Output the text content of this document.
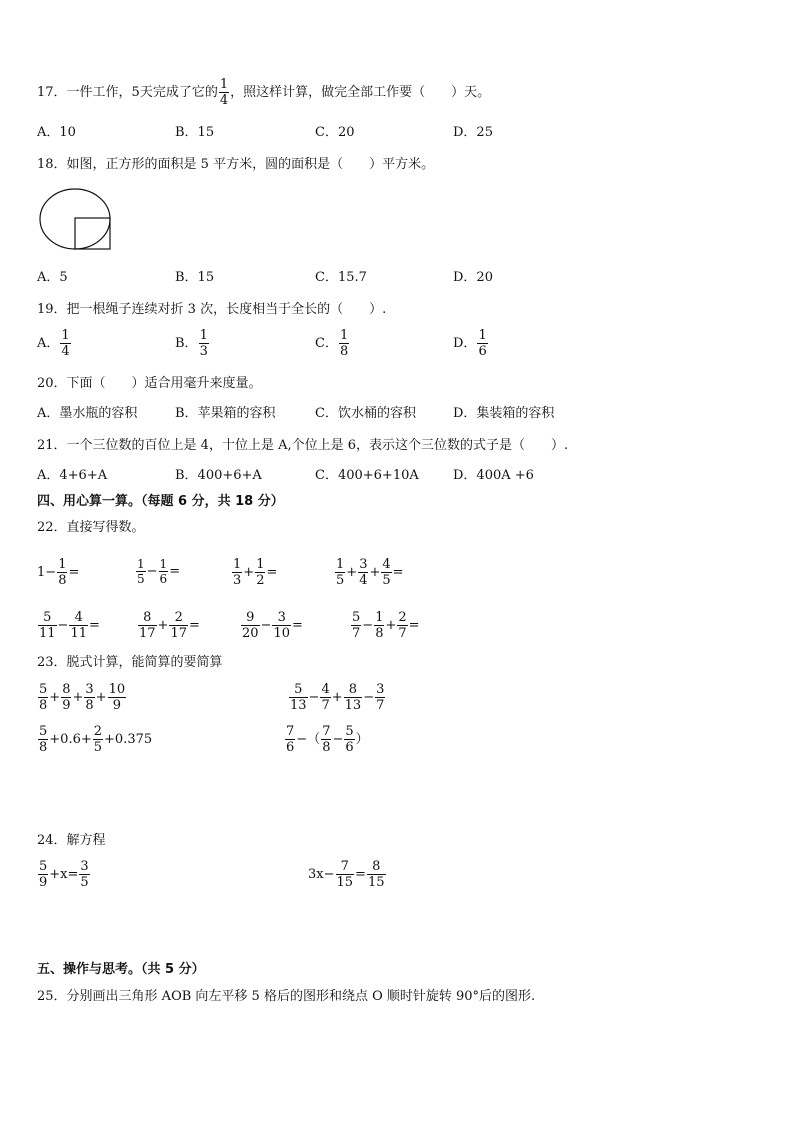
17．一件工作，5天完成了它的 $\frac{1}{4}$ ，照这样计算，做完全部工作要（　　）天。
A．10	B．15	C．20	D．25
18．如图，正方形的面积是 5 平方米，圆的面积是（　　）平方米。
A．5	B．15	C．15.7	D．20
19．把一根绳子连续对折 3 次，长度相当于全长的（　　）.
A． $\frac{1}{4}$	B． $\frac{1}{3}$	C． $\frac{1}{8}$	D． $\frac{1}{6}$
20．下面（　　）适合用毫升来度量。
A．墨水瓶的容积	B．苹果箱的容积	C．饮水桶的容积	D．集装箱的容积
21．一个三位数的百位上是 4，十位上是 A,个位上是 6，表示这个三位数的式子是（　　）.
A．4+6+A	B．400+6+A	C．400+6+10A	D．400A +6
四、用心算一算。（每题 6 分，共 18 分）
22．直接写得数。
$1- \frac{1}{8}$ =	$\frac{1}{5} - \frac{1}{6}$ =	$\frac{1}{3} + \frac{1}{2}$ =	$\frac{1}{5} + \frac{3}{4} + \frac{4}{5}$ =
$\frac{5}{11} - \frac{4}{11}$ =	$\frac{8}{17} + \frac{2}{17}$ =	$\frac{9}{20} - \frac{3}{10}$ =	$\frac{5}{7} - \frac{1}{8} + \frac{2}{7}$ =
23．脱式计算，能简算的要简算
$\frac{5}{8} + \frac{8}{9} + \frac{3}{8} + \frac{10}{9}$	$\frac{5}{13} - \frac{4}{7} + \frac{8}{13} - \frac{3}{7}$
$\frac{5}{8} +0.6+ \frac{2}{5} +0.375$	$\frac{7}{6}$ −（ $\frac{7}{8} - \frac{5}{6}$ ）
24．解方程
$\frac{5}{9} +x= \frac{3}{5}$	$3x- \frac{7}{15} = \frac{8}{15}$
五、操作与思考。（共 5 分）
25．分别画出三角形 AOB 向左平移 5 格后的图形和绕点 O 顺时针旋转 90°后的图形.
